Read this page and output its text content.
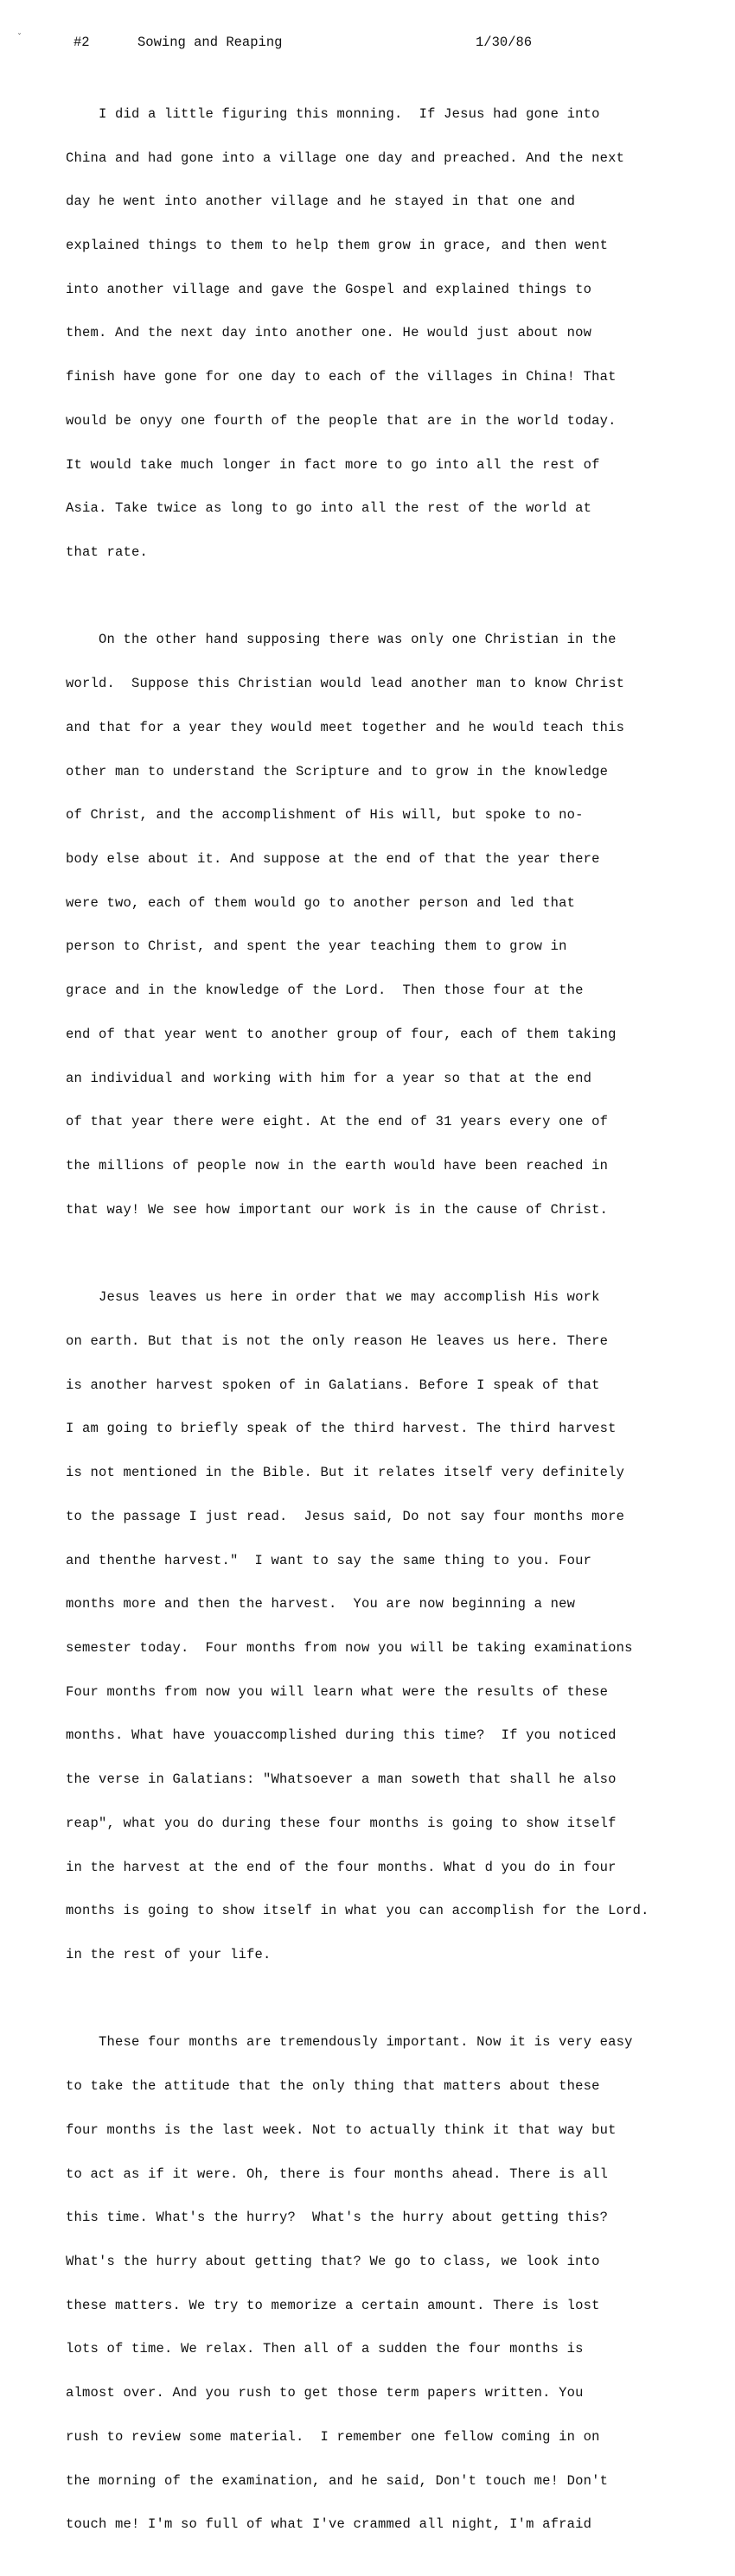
ˇ	#2	Sowing and Reaping	1/30/86

I did a little figuring this monning.  If Jesus had gone into

China and had gone into a village one day and preached. And the next

day he went into another village and he stayed in that one and

explained things to them to help them grow in grace, and then went

into another village and gave the Gospel and explained things to

them. And the next day into another one. He would just about now

finish have gone for one day to each of the villages in China! That

would be onyy one fourth of the people that are in the world today.

It would take much longer in fact more to go into all the rest of

Asia. Take twice as long to go into all the rest of the world at

that rate.

On the other hand supposing there was only one Christian in the

world.  Suppose this Christian would lead another man to know Christ

and that for a year they would meet together and he would teach this

other man to understand the Scripture and to grow in the knowledge

of Christ, and the accomplishment of His will, but spoke to no-

body else about it. And suppose at the end of that the year there

were two, each of them would go to another person and led that

person to Christ, and spent the year teaching them to grow in

grace and in the knowledge of the Lord.  Then those four at the

end of that year went to another group of four, each of them taking

an individual and working with him for a year so that at the end

of that year there were eight. At the end of 31 years every one of

the millions of people now in the earth would have been reached in

that way! We see how important our work is in the cause of Christ.

Jesus leaves us here in order that we may accomplish His work

on earth. But that is not the only reason He leaves us here. There

is another harvest spoken of in Galatians. Before I speak of that

I am going to briefly speak of the third harvest. The third harvest

is not mentioned in the Bible. But it relates itself very definitely

to the passage I just read.  Jesus said, Do not say four months more

and thenthe harvest."  I want to say the same thing to you. Four

months more and then the harvest.  You are now beginning a new

semester today.  Four months from now you will be taking examinations

Four months from now you will learn what were the results of these

months. What have youaccomplished during this time?  If you noticed

the verse in Galatians: "Whatsoever a man soweth that shall he also

reap", what you do during these four months is going to show itself

in the harvest at the end of the four months. What d you do in four

months is going to show itself in what you can accomplish for the Lord.

in the rest of your life.

These four months are tremendously important. Now it is very easy

to take the attitude that the only thing that matters about these

four months is the last week. Not to actually think it that way but

to act as if it were. Oh, there is four months ahead. There is all

this time. What's the hurry?  What's the hurry about getting this?

What's the hurry about getting that? We go to class, we look into

these matters. We try to memorize a certain amount. There is lost

lots of time. We relax. Then all of a sudden the four months is

almost over. And you rush to get those term papers written. You

rush to review some material.  I remember one fellow coming in on

the morning of the examination, and he said, Don't touch me! Don't

touch me! I'm so full of what I've crammed all night, I'm afraid
